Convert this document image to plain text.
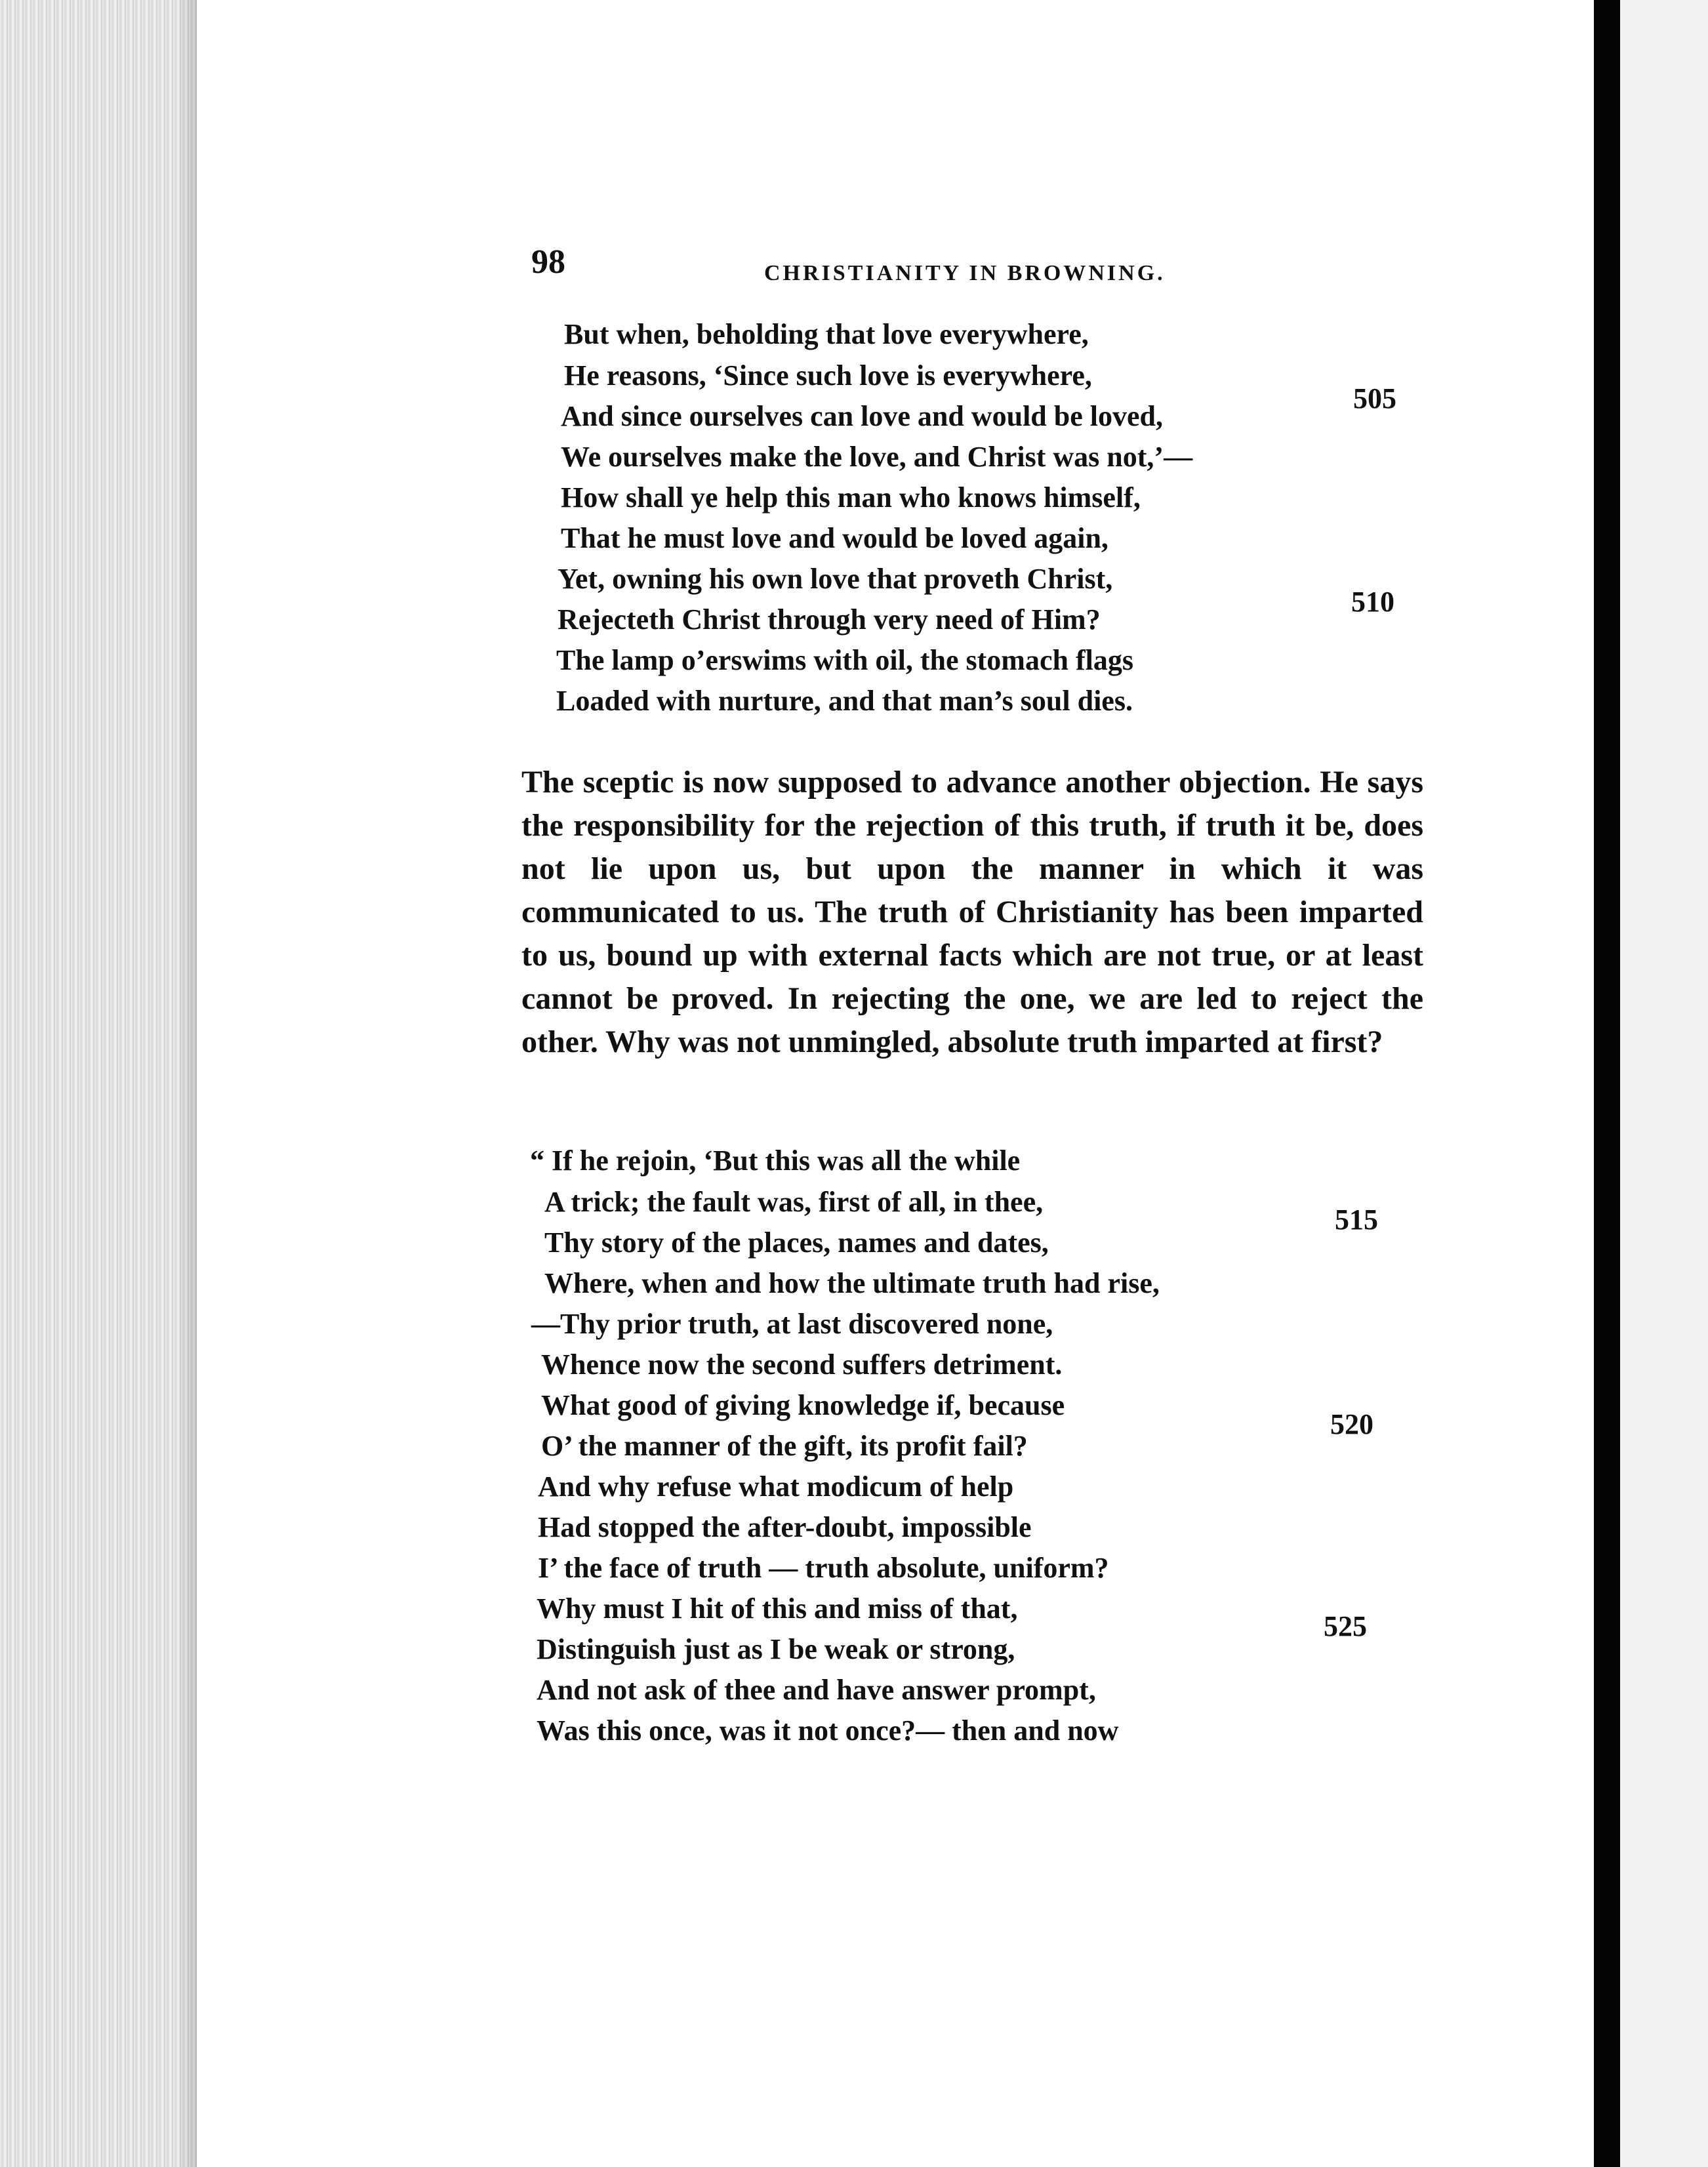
98	CHRISTIANITY IN BROWNING.
But when, beholding that love everywhere,
He reasons, ‘Since such love is everywhere,
And since ourselves can love and would be loved,
We ourselves make the love, and Christ was not,’—
How shall ye help this man who knows himself,
That he must love and would be loved again,
Yet, owning his own love that proveth Christ,
Rejecteth Christ through very need of Him?
The lamp o’erswims with oil, the stomach flags
Loaded with nurture, and that man’s soul dies.
505
510
The sceptic is now supposed to advance another objection. He says the responsibility for the rejection of this truth, if truth it be, does not lie upon us, but upon the manner in which it was communicated to us. The truth of Christianity has been imparted to us, bound up with external facts which are not true, or at least cannot be proved. In rejecting the one, we are led to reject the other. Why was not unmingled, absolute truth imparted at first?
“ If he rejoin, ‘But this was all the while
A trick; the fault was, first of all, in thee,
Thy story of the places, names and dates,
Where, when and how the ultimate truth had rise,
—Thy prior truth, at last discovered none,
Whence now the second suffers detriment.
What good of giving knowledge if, because
O’ the manner of the gift, its profit fail?
And why refuse what modicum of help
Had stopped the after-doubt, impossible
I’ the face of truth — truth absolute, uniform?
Why must I hit of this and miss of that,
Distinguish just as I be weak or strong,
And not ask of thee and have answer prompt,
Was this once, was it not once?— then and now
515
520
525
